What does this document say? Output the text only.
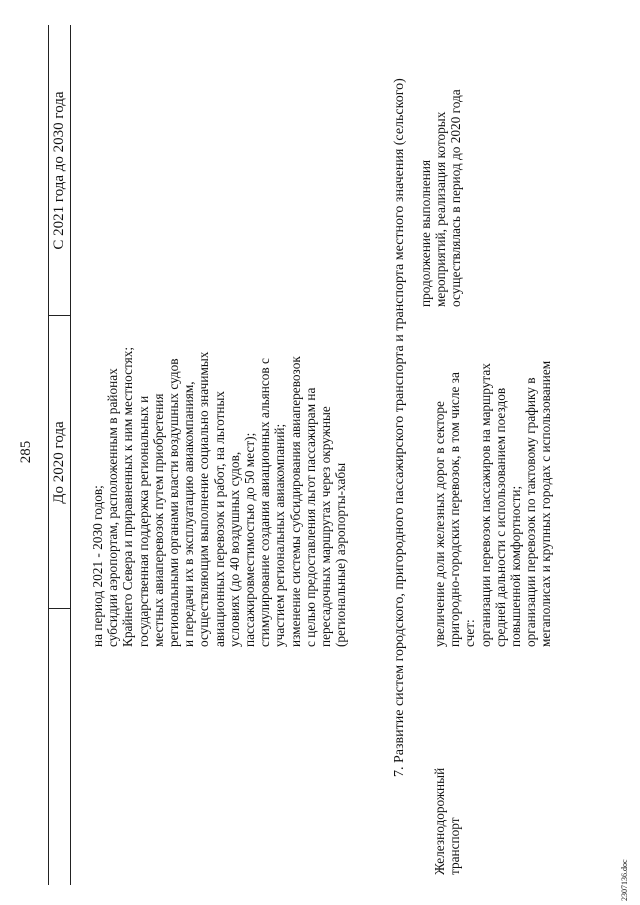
285 До 2020 года
С 2021 года до 2030 года
на период 2021 - 2030 годов; субсидии аэропортам, расположенным в районах Крайнего Севера и приравненных к ним местностях; государственная поддержка региональных и местных авиаперевозок путем приобретения региональными органами власти воздушных судов и передачи их в эксплуатацию авиакомпаниям, осуществляющим выполнение социально значимых авиационных перевозок и работ, на льготных условиях (до 40 воздушных судов, пассажировместимостью до 50 мест); стимулирование создания авиационных альянсов с участием региональных авиакомпаний; изменение системы субсидирования авиаперевозок с целью предоставления льгот пассажирам на пересадочных маршрутах через окружные (региональные) аэропорты-хабы	7. Развитие систем городского, пригородного пассажирского транспорта и транспорта местного значения (сельского)
Железнодорожный транспорт
увеличение доли железных дорог в секторе пригородно-городских перевозок, в том числе за счет: организации перевозок пассажиров на маршрутах средней дальности с использованием поездов повышенной комфортности; организации перевозок по тактовому графику в мегаполисах и крупных городах с использованием
продолжение выполнения мероприятий, реализация которых осуществлялась в период до 2020 года
2307136.doc
